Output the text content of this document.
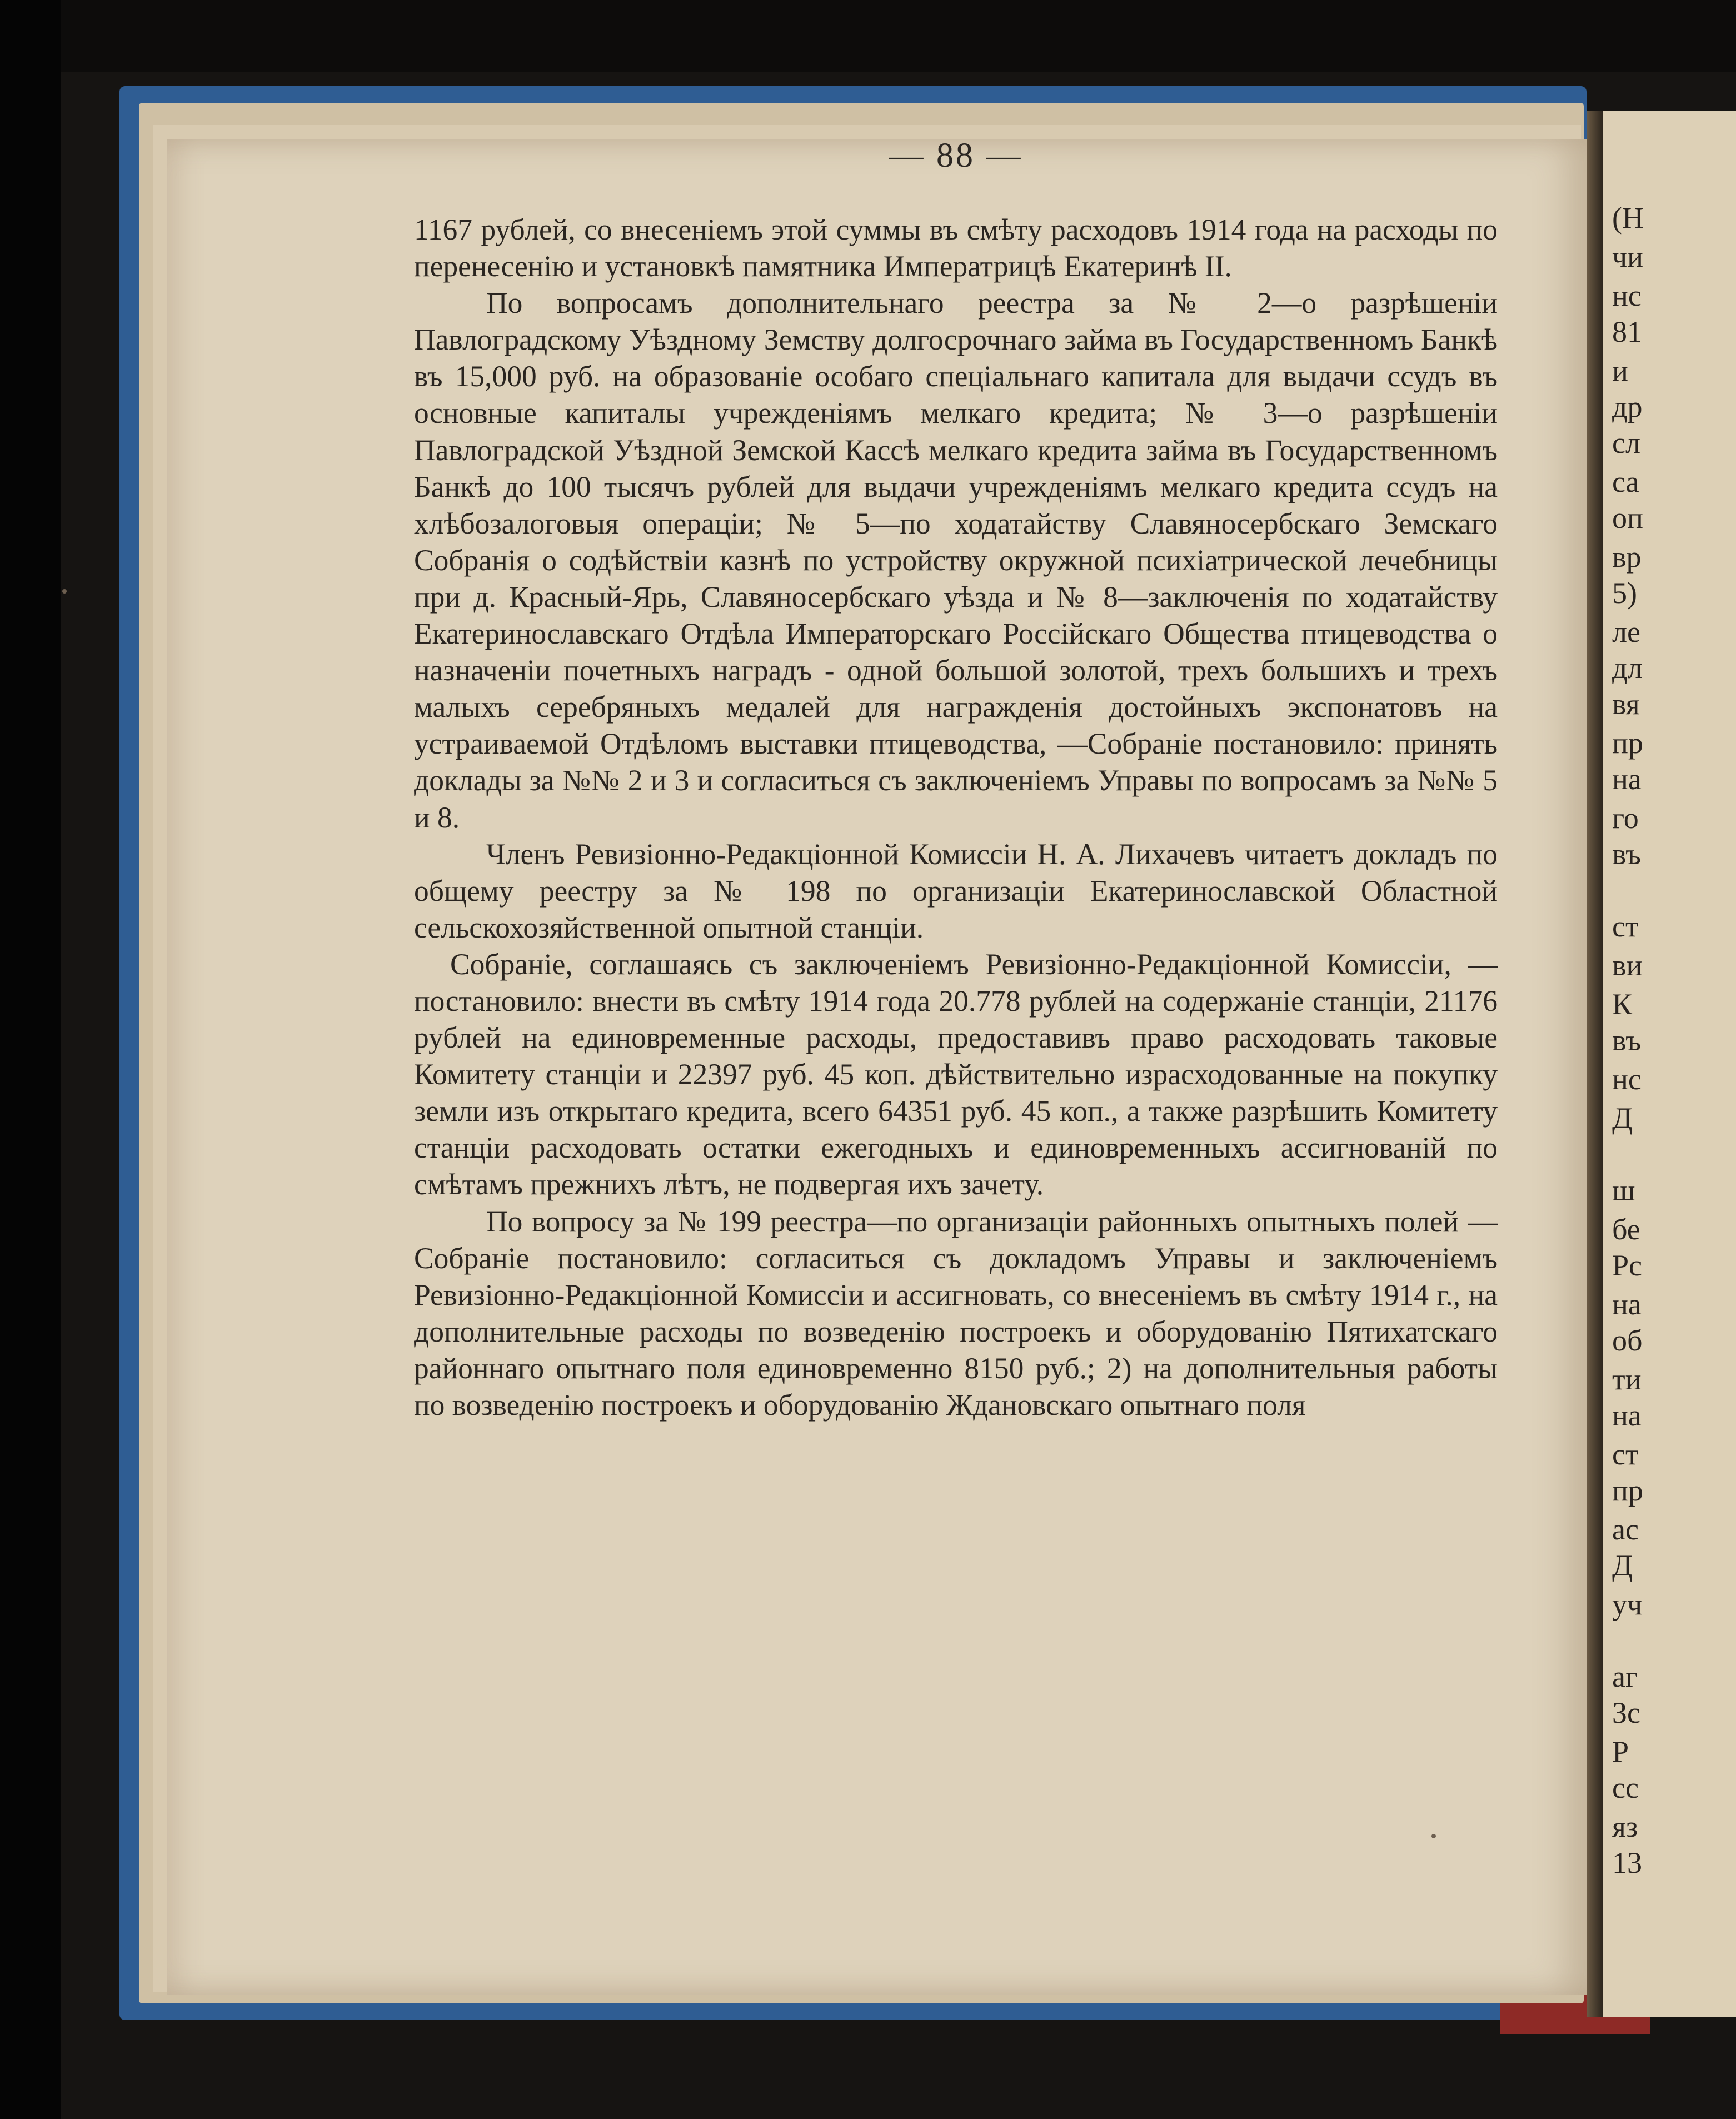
(Н
чи
нс
81
и
др
сл
са
оп
вр
5)
ле
дл
вя
пр
на
го
въ
ст
ви
К
въ
нс
Д
ш
бе
Рс
на
об
ти
на
ст
пр
ас
Д
уч
аг
Зс
Р
сс
яз
13
— 88 —

1167 рублей, со внесеніемъ этой суммы въ смѣту расходовъ 1914 года на расходы по перенесенію и установкѣ памятника Императрицѣ Екатеринѣ II.

По вопросамъ дополнительнаго реестра за № 2—о разрѣшеніи Павлоградскому Уѣздному Земству долгосрочнаго займа въ Государственномъ Банкѣ въ 15,000 руб. на образованіе особаго спеціальнаго капитала для выдачи ссудъ въ основные капиталы учрежденіямъ мелкаго кредита; № 3—о разрѣшеніи Павлоградской Уѣздной Земской Кассѣ мелкаго кредита займа въ Государственномъ Банкѣ до 100 тысячъ рублей для выдачи учрежденіямъ мелкаго кредита ссудъ на хлѣбозалоговыя операціи; № 5—по ходатайству Славяносербскаго Земскаго Собранія о содѣйствіи казнѣ по устройству окружной психіатрической лечебницы при д. Красный-Ярь, Славяносербскаго уѣзда и № 8—заключенія по ходатайству Екатеринославскаго Отдѣла Императорскаго Россійскаго Общества птицеводства о назначеніи почетныхъ наградъ - одной большой золотой, трехъ большихъ и трехъ малыхъ серебряныхъ медалей для награжденія достойныхъ экспонатовъ на устраиваемой Отдѣломъ выставки птицеводства, —Собраніе постановило: принять доклады за №№ 2 и 3 и согласиться съ заключеніемъ Управы по вопросамъ за №№ 5 и 8.

Членъ Ревизіонно-Редакціонной Комиссіи Н. А. Лихачевъ читаетъ докладъ по общему реестру за № 198 по организаціи Екатеринославской Областной сельскохозяйственной опытной станціи.

Собраніе, соглашаясь съ заключеніемъ Ревизіонно-Редакціонной Комиссіи, —постановило: внести въ смѣту 1914 года 20.778 рублей на содержаніе станціи, 21176 рублей на единовременные расходы, предоставивъ право расходовать таковые Комитету станціи и 22397 руб. 45 коп. дѣйствительно израсходованные на покупку земли изъ открытаго кредита, всего 64351 руб. 45 коп., а также разрѣшить Комитету станціи расходовать остатки ежегодныхъ и единовременныхъ ассигнованій по смѣтамъ прежнихъ лѣтъ, не подвергая ихъ зачету.

По вопросу за № 199 реестра—по организаціи районныхъ опытныхъ полей —Собраніе постановило: согласиться съ докладомъ Управы и заключеніемъ Ревизіонно-Редакціонной Комиссіи и ассигновать, со внесеніемъ въ смѣту 1914 г., на дополнительные расходы по возведенію построекъ и оборудованію Пятихатскаго районнаго опытнаго поля единовременно 8150 руб.; 2) на дополнительныя работы по возведенію построекъ и оборудованію Ждановскаго опытнаго поля
